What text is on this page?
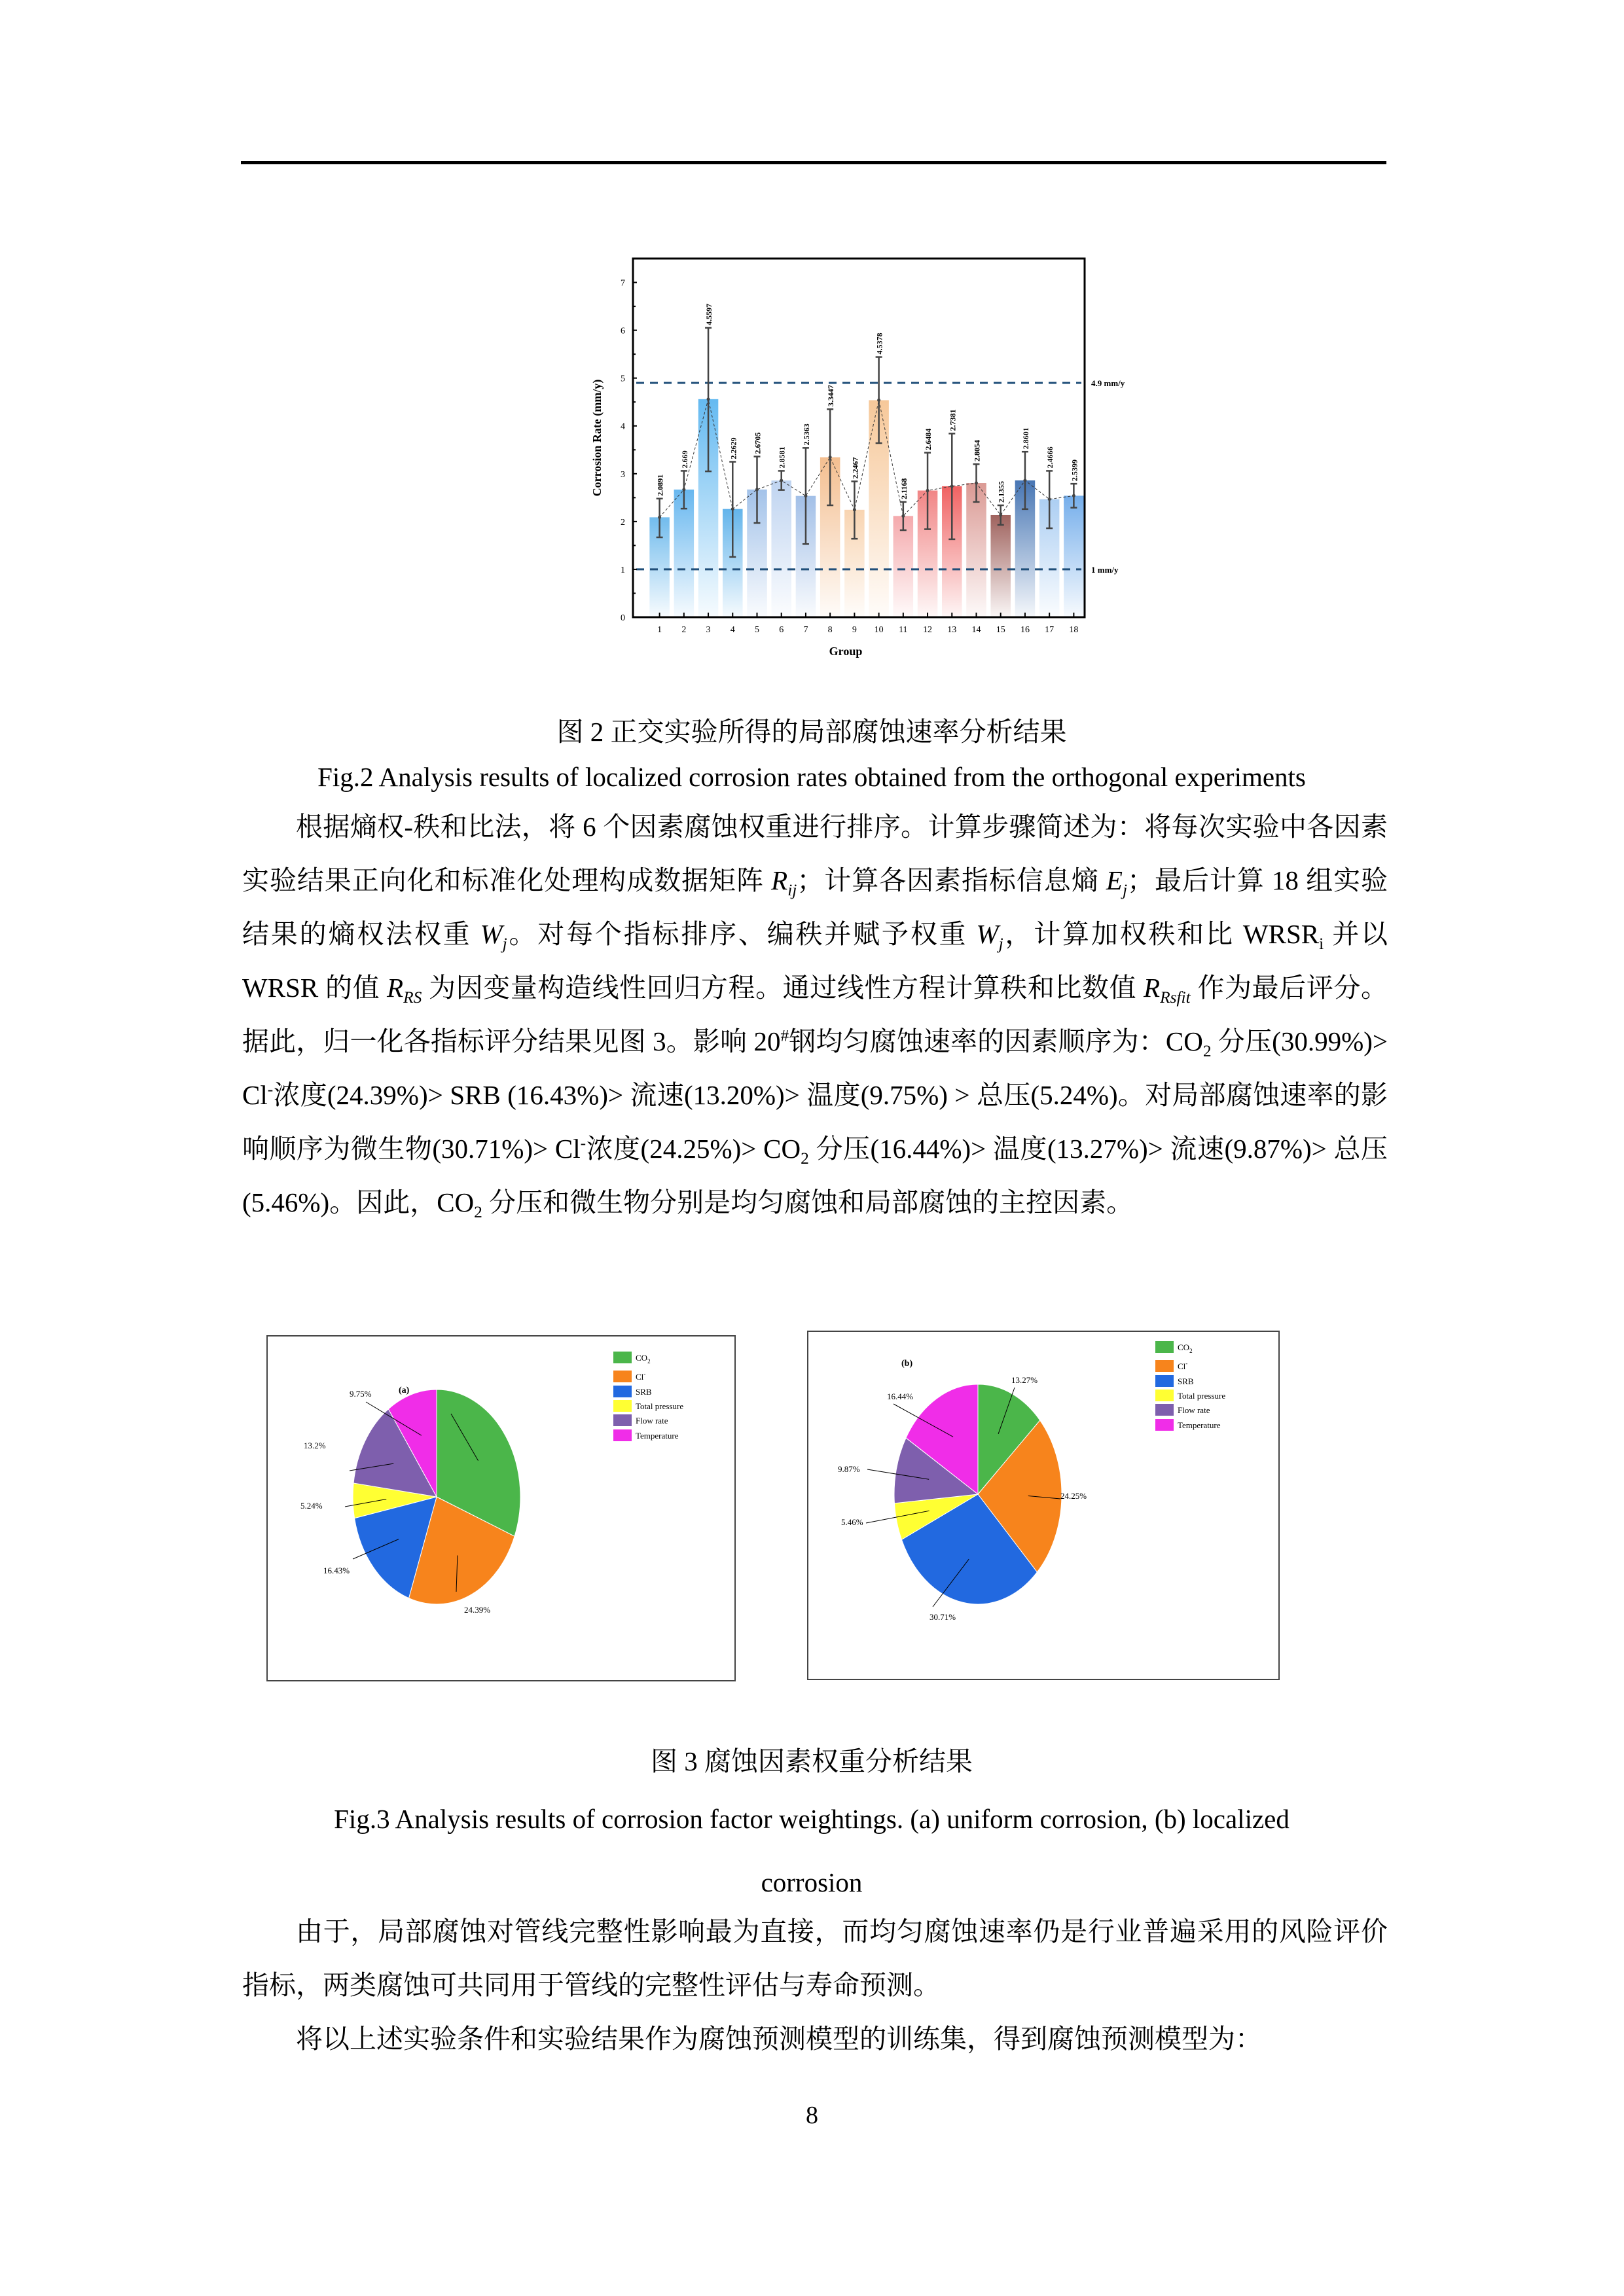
4.9 mm/y
1 mm/y
2.0891
2.669
4.5597
2.2629 2.6705
2.8581
2.5363
3.3447
2.2467
4.5378
2.1168
2.6484
2.7381
2.8054
2.1355
2.8601
2.4666
2.5399
0
1
2
3
4
5
6
7
1 2 3 4 5 6 7 8 9 10 11 12 13 14 15 16 17 18
Group
Corrosion Rate (mm/y)
图 2 正交实验所得的局部腐蚀速率分析结果
Fig.2 Analysis results of localized corrosion rates obtained from the orthogonal experiments

根据熵权-秩和比法，将 6 个因素腐蚀权重进行排序。计算步骤简述为：将每次实验中各因素实验结果正向化和标准化处理构成数据矩阵 $R_{ij}$；计算各因素指标信息熵 $E_j$；最后计算 18 组实验结果的熵权法权重 $W_j$。对每个指标排序、编秩并赋予权重 $W_j$，计算加权秩和比 $WRSR_i$ 并以 WRSR 的值 $R_{RS}$ 为因变量构造线性回归方程。通过线性方程计算秩和比数值 $R_{Rsfit}$ 作为最后评分。据此，归一化各指标评分结果见图 3。影响 20#钢均匀腐蚀速率的因素顺序为：$CO_2$ 分压(30.99%)> Cl-浓度(24.39%)> SRB (16.43%)> 流速(13.20%)> 温度(9.75%) > 总压(5.24%)。对局部腐蚀速率的影响顺序为微生物(30.71%)> Cl-浓度$(24.25\%)> CO_2$ 分压(16.44%)> 温度(13.27%)> 流速(9.87%)> 总压(5.46%)。因此，$CO_2$ 分压和微生物分别是均匀腐蚀和局部腐蚀的主控因素。

24.39%
16.43%
5.24%
13.2%
9.75%	(a)
$CO_2$
Cl-
SRB
Total pressure
Flow rate
Temperature
13.27%
24.25%
30.71%
5.46%
9.87%
16.44%
(b)
$CO_2$
Cl-
SRB
Total pressure
Flow rate
Temperature
图 3 腐蚀因素权重分析结果
Fig.3 Analysis results of corrosion factor weightings. (a) uniform corrosion, (b) localized
corrosion

由于，局部腐蚀对管线完整性影响最为直接，而均匀腐蚀速率仍是行业普遍采用的风险评价指标，两类腐蚀可共同用于管线的完整性评估与寿命预测。

将以上述实验条件和实验结果作为腐蚀预测模型的训练集，得到腐蚀预测模型为：

8
